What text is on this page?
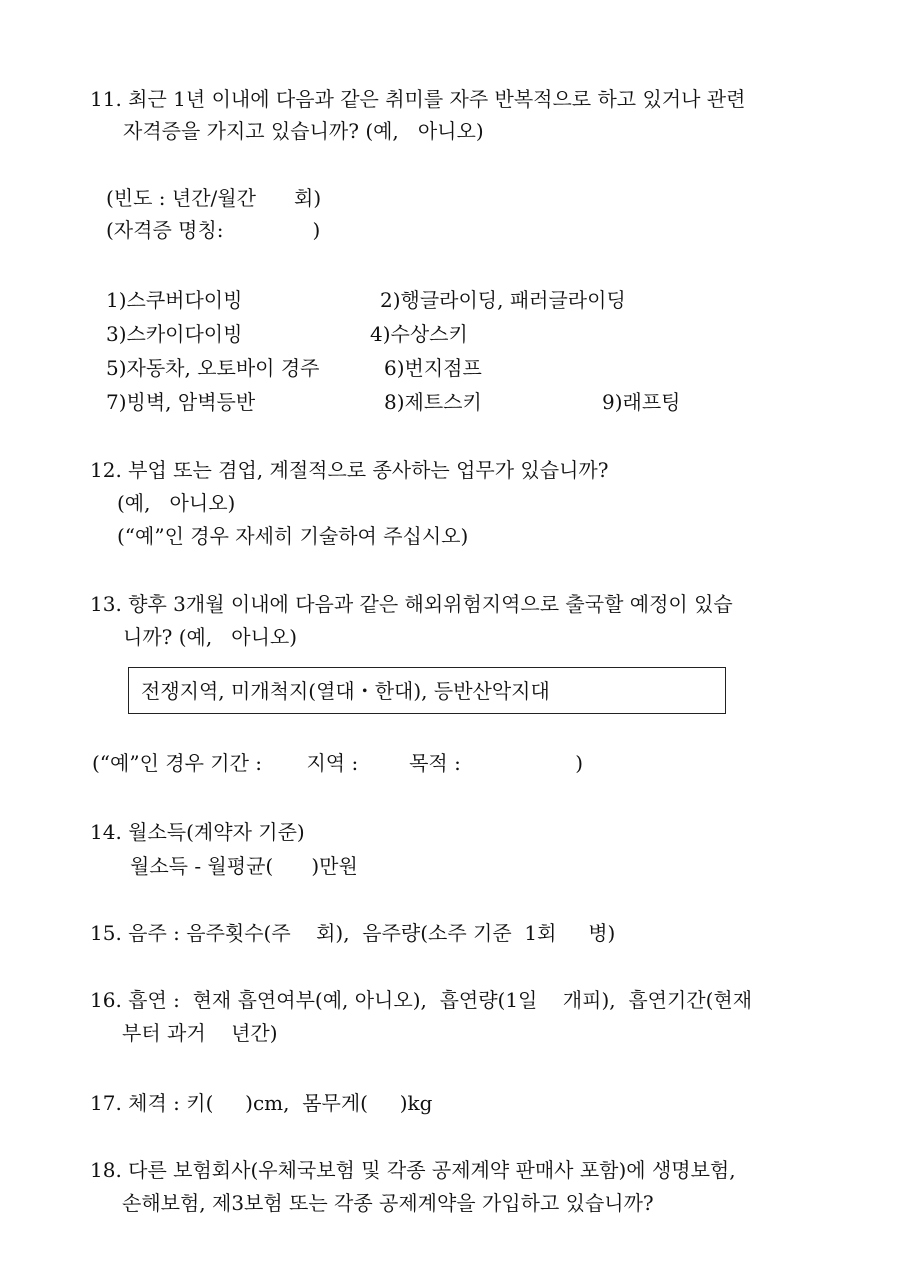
11. 최근 1년 이내에 다음과 같은 취미를 자주 반복적으로 하고 있거나 관련
자격증을 가지고 있습니까? (예,   아니오)
(빈도 : 년간/월간      회)
(자격증 명칭:              )
1)스쿠버다이빙	2)행글라이딩, 패러글라이딩
3)스카이다이빙	4)수상스키
5)자동차, 오토바이 경주	6)번지점프
7)빙벽, 암벽등반	8)제트스키	9)래프팅
12. 부업 또는 겸업, 계절적으로 종사하는 업무가 있습니까?
(예,   아니오)
(“예”인 경우 자세히 기술하여 주십시오)
13. 향후 3개월 이내에 다음과 같은 해외위험지역으로 출국할 예정이 있습
니까? (예,   아니오)
전쟁지역, 미개척지(열대・한대), 등반산악지대
(“예”인 경우 기간 :       지역 :        목적 :                  )
14. 월소득(계약자 기준)
월소득 - 월평균(      )만원
15. 음주 : 음주횟수(주    회),  음주량(소주 기준  1회     병)
16. 흡연 :  현재 흡연여부(예, 아니오),  흡연량(1일    개피),  흡연기간(현재
부터 과거    년간)
17. 체격 : 키(     )cm,  몸무게(     )kg
18. 다른 보험회사(우체국보험 및 각종 공제계약 판매사 포함)에 생명보험,
손해보험, 제3보험 또는 각종 공제계약을 가입하고 있습니까?
